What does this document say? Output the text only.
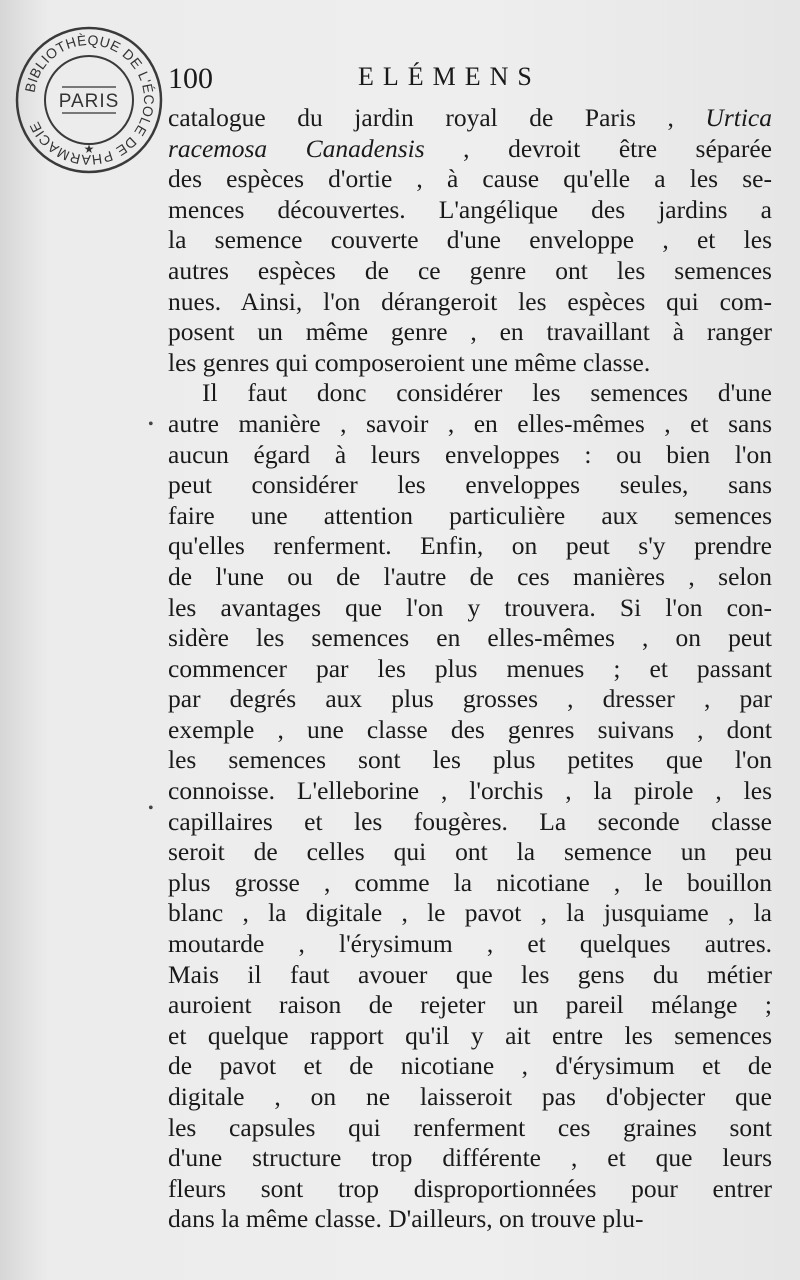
BIBLIOTHÈQUE DE L'ÉCOLE DE PHARMACIE
PARIS
★
100	ELÉMENS
catalogue du jardin royal de Paris , Urtica
racemosa Canadensis , devroit être séparée
des espèces d'ortie , à cause qu'elle a les se-
mences découvertes. L'angélique des jardins a
la semence couverte d'une enveloppe , et les
autres espèces de ce genre ont les semences
nues. Ainsi, l'on dérangeroit les espèces qui com-
posent un même genre , en travaillant à ranger
les genres qui composeroient une même classe.
Il faut donc considérer les semences d'une
autre manière , savoir , en elles-mêmes , et sans
aucun égard à leurs enveloppes : ou bien l'on
peut considérer les enveloppes seules, sans
faire une attention particulière aux semences
qu'elles renferment. Enfin, on peut s'y prendre
de l'une ou de l'autre de ces manières , selon
les avantages que l'on y trouvera. Si l'on con-
sidère les semences en elles-mêmes , on peut
commencer par les plus menues ; et passant
par degrés aux plus grosses , dresser , par
exemple , une classe des genres suivans , dont
les semences sont les plus petites que l'on
connoisse. L'elleborine , l'orchis , la pirole , les
capillaires et les fougères. La seconde classe
seroit de celles qui ont la semence un peu
plus grosse , comme la nicotiane , le bouillon
blanc , la digitale , le pavot , la jusquiame , la
moutarde , l'érysimum , et quelques autres.
Mais il faut avouer que les gens du métier
auroient raison de rejeter un pareil mélange ;
et quelque rapport qu'il y ait entre les semences
de pavot et de nicotiane , d'érysimum et de
digitale , on ne laisseroit pas d'objecter que
les capsules qui renferment ces graines sont
d'une structure trop différente , et que leurs
fleurs sont trop disproportionnées pour entrer
dans la même classe. D'ailleurs, on trouve plu-
•
•
